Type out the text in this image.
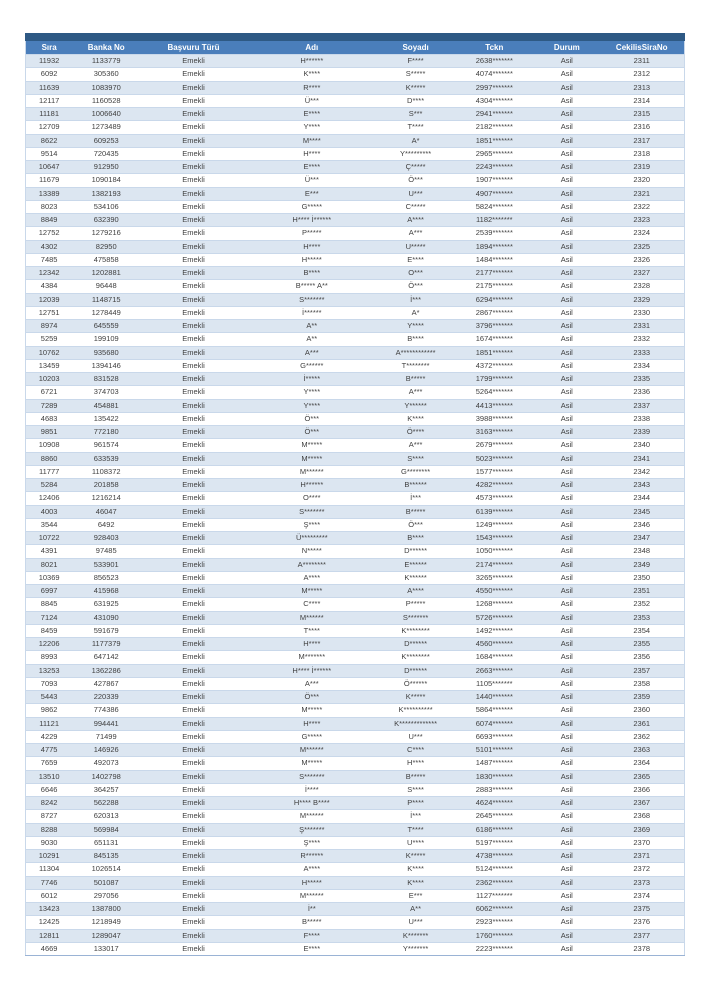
Sıra	Banka No	Başvuru Türü	Adı	Soyadı	Tckn	Durum	CekilisSiraNo
11932	1133779	Emekli	H******	F****	2638*******	Asil	2311
6092	305360	Emekli	K****	S*****	4074*******	Asil	2312
11639	1083970	Emekli	R****	K*****	2997*******	Asil	2313
12117	1160528	Emekli	Ü***	D****	4304*******	Asil	2314
11181	1006640	Emekli	E****	S***	2941*******	Asil	2315
12709	1273489	Emekli	Y****	T****	2182*******	Asil	2316
8622	609253	Emekli	M****	A*	1851*******	Asil	2317
9514	720435	Emekli	H****	Y*********	2965*******	Asil	2318
10647	912950	Emekli	E****	Ç*****	2243*******	Asil	2319
11679	1090184	Emekli	Ü***	Ö***	1907*******	Asil	2320
13389	1382193	Emekli	E***	U***	4907*******	Asil	2321
8023	534106	Emekli	G*****	C*****	5824*******	Asil	2322
8849	632390	Emekli	H**** İ******	A****	1182*******	Asil	2323
12752	1279216	Emekli	P*****	A***	2539*******	Asil	2324
4302	82950	Emekli	H****	U*****	1894*******	Asil	2325
7485	475858	Emekli	H*****	E****	1484*******	Asil	2326
12342	1202881	Emekli	B****	O***	2177*******	Asil	2327
4384	96448	Emekli	B***** A**	Ö***	2175*******	Asil	2328
12039	1148715	Emekli	S*******	İ***	6294*******	Asil	2329
12751	1278449	Emekli	İ******	A*	2867*******	Asil	2330
8974	645559	Emekli	A**	Y****	3796*******	Asil	2331
5259	199109	Emekli	A**	B****	1674*******	Asil	2332
10762	935680	Emekli	A***	A************	1851*******	Asil	2333
13459	1394146	Emekli	G******	T********	4372*******	Asil	2334
10203	831528	Emekli	İ*****	B*****	1799*******	Asil	2335
6721	374703	Emekli	Y****	A***	5264*******	Asil	2336
7289	454881	Emekli	Y****	Y******	4413*******	Asil	2337
4683	135422	Emekli	Ö***	K****	3988*******	Asil	2338
9851	772180	Emekli	Ö***	Ö****	3163*******	Asil	2339
10908	961574	Emekli	M*****	A***	2679*******	Asil	2340
8860	633539	Emekli	M*****	S****	5023*******	Asil	2341
11777	1108372	Emekli	M******	G********	1577*******	Asil	2342
5284	201858	Emekli	H******	B******	4282*******	Asil	2343
12406	1216214	Emekli	O****	İ***	4573*******	Asil	2344
4003	46047	Emekli	S*******	B*****	6139*******	Asil	2345
3544	6492	Emekli	Ş****	Ö***	1249*******	Asil	2346
10722	928403	Emekli	Ü*********	B****	1543*******	Asil	2347
4391	97485	Emekli	N*****	D******	1050*******	Asil	2348
8021	533901	Emekli	A********	E******	2174*******	Asil	2349
10369	856523	Emekli	A****	K******	3265*******	Asil	2350
6997	415968	Emekli	M*****	A****	4550*******	Asil	2351
8845	631925	Emekli	C****	P*****	1268*******	Asil	2352
7124	431090	Emekli	M******	S*******	5726*******	Asil	2353
8459	591679	Emekli	T****	K********	1492*******	Asil	2354
12206	1177379	Emekli	H****	D******	4560*******	Asil	2355
8993	647142	Emekli	M*******	K********	1684*******	Asil	2356
13253	1362286	Emekli	H**** İ******	D******	2663*******	Asil	2357
7093	427867	Emekli	A***	Ö******	1105*******	Asil	2358
5443	220339	Emekli	Ö***	K*****	1440*******	Asil	2359
9862	774386	Emekli	M*****	K**********	5864*******	Asil	2360
11121	994441	Emekli	H****	K*************	6074*******	Asil	2361
4229	71499	Emekli	G*****	U***	6693*******	Asil	2362
4775	146926	Emekli	M******	C****	5101*******	Asil	2363
7659	492073	Emekli	M*****	H****	1487*******	Asil	2364
13510	1402798	Emekli	S*******	B*****	1830*******	Asil	2365
6646	364257	Emekli	İ****	S****	2883*******	Asil	2366
8242	562288	Emekli	H**** B****	P****	4624*******	Asil	2367
8727	620313	Emekli	M******	İ***	2645*******	Asil	2368
8288	569984	Emekli	Ş*******	T****	6186*******	Asil	2369
9030	651131	Emekli	Ş****	U****	5197*******	Asil	2370
10291	845135	Emekli	R******	K*****	4738*******	Asil	2371
11304	1026514	Emekli	A****	K****	5124*******	Asil	2372
7746	501087	Emekli	H*****	K****	2362*******	Asil	2373
6012	297056	Emekli	M******	E***	1127*******	Asil	2374
13423	1387800	Emekli	İ**	A**	6062*******	Asil	2375
12425	1218949	Emekli	B*****	U***	2923*******	Asil	2376
12811	1289047	Emekli	F****	K*******	1760*******	Asil	2377
4669	133017	Emekli	E****	Y*******	2223*******	Asil	2378
